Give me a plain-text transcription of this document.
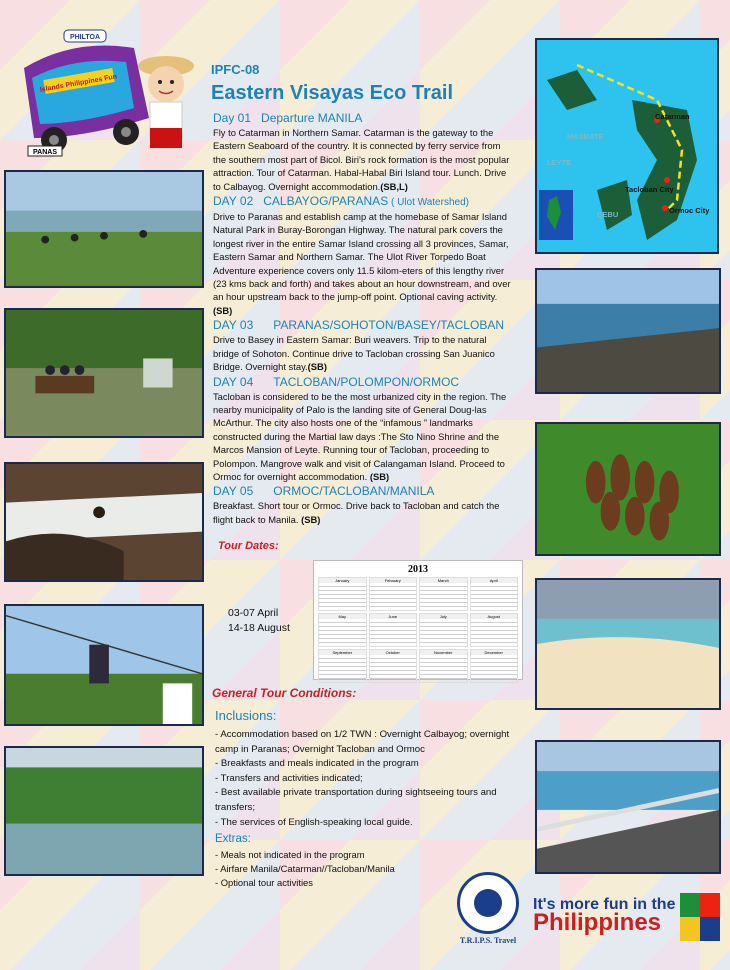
PHILTOA
Islands Philippines Fun
PANAS
IPFC-08
Eastern Visayas Eco Trail
Day 01 Departure MANILA
Fly to Catarman in Northern Samar. Catarman is the gateway to the Eastern Seaboard of the country. It is connected by ferry service from the southern most part of Bicol. Biri’s rock formation is the most popular attraction. Tour of Catarman. Habal-Habal Biri Island tour. Lunch. Drive to Calbayog. Overnight accommodation.(SB,L)
DAY 02 CALBAYOG/PARANAS ( Ulot Watershed)
Drive to Paranas and establish camp at the homebase of Samar Island Natural Park in Buray-Borongan Highway. The natural park covers the longest river in the entire Samar Island crossing all 3 provinces, Samar, Eastern Samar and Northern Samar. The Ulot River Torpedo Boat Adventure experience covers only 11.5 kilom-eters of this lengthy river (23 kms back and forth) and takes about an hour downstream, and over an hour upstream back to the jump-off point. Optional caving activity. (SB)
DAY 03 PARANAS/SOHOTON/BASEY/TACLOBAN
Drive to Basey in Eastern Samar: Buri weavers. Trip to the natural bridge of Sohoton. Continue drive to Tacloban crossing San Juanico Bridge. Overnight stay.(SB)
DAY 04 TACLOBAN/POLOMPON/ORMOC
Tacloban is considered to be the most urbanized city in the region. The nearby municipality of Palo is the landing site of General Doug-las McArthur. The city also hosts one of the “infamous ” landmarks constructed during the Martial law days :The Sto Nino Shrine and the Marcos Mansion of Leyte. Running tour of Tacloban, proceeding to Polompon. Mangrove walk and visit of Calangaman Island. Proceed to Ormoc for overnight accommodation. (SB)
DAY 05 ORMOC/TACLOBAN/MANILA
Breakfast. Short tour or Ormoc. Drive back to Tacloban and catch the flight back to Manila. (SB)
Tour Dates:
03-07 April
14-18 August
2013
January	February	March	April
May	June	July	August
September	October	November	December
General Tour Conditions:
Inclusions:
- Accommodation based on 1/2 TWN : Overnight Calbayog; overnight camp in Paranas; Overnight Tacloban and Ormoc
- Breakfasts and meals indicated in the program
- Transfers and activities indicated;
- Best available private transportation during sightseeing tours and transfers;
- The services of English-speaking local guide.
Extras:
- Meals not indicated in the program
- Airfare Manila/Catarman//Tacloban/Manila
- Optional tour activities
Catarman
Tacloban City
Ormoc City
MASBATE
LEYTE
CEBU
T.R.I.P.S. Travel
It's more fun in the
Philippines
